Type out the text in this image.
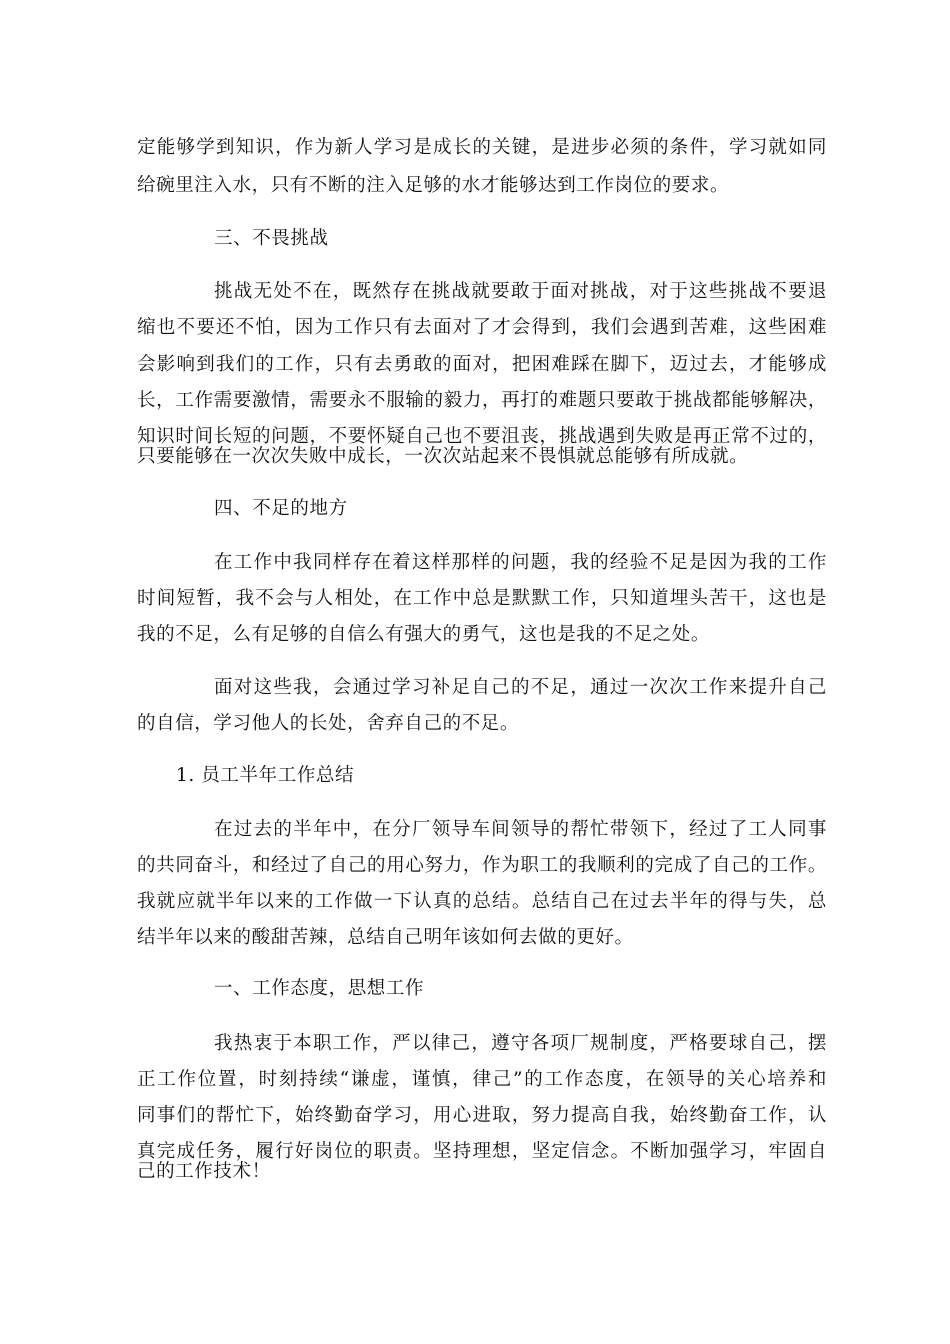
定能够学到知识，作为新人学习是成长的关键，是进步必须的条件，学习就如同
给碗里注入水，只有不断的注入足够的水才能够达到工作岗位的要求。
三、不畏挑战
挑战无处不在，既然存在挑战就要敢于面对挑战，对于这些挑战不要退
缩也不要还不怕，因为工作只有去面对了才会得到，我们会遇到苦难，这些困难
会影响到我们的工作，只有去勇敢的面对，把困难踩在脚下，迈过去，才能够成
长，工作需要激情，需要永不服输的毅力，再打的难题只要敢于挑战都能够解决，
知识时间长短的问题，不要怀疑自己也不要沮丧，挑战遇到失败是再正常不过的，
只要能够在一次次失败中成长，一次次站起来不畏惧就总能够有所成就。
四、不足的地方
在工作中我同样存在着这样那样的问题，我的经验不足是因为我的工作
时间短暂，我不会与人相处，在工作中总是默默工作，只知道埋头苦干，这也是
我的不足，么有足够的自信么有强大的勇气，这也是我的不足之处。
面对这些我，会通过学习补足自己的不足，通过一次次工作来提升自己
的自信，学习他人的长处，舍弃自己的不足。
1. 员工半年工作总结
在过去的半年中，在分厂领导车间领导的帮忙带领下，经过了工人同事
的共同奋斗，和经过了自己的用心努力，作为职工的我顺利的完成了自己的工作。
我就应就半年以来的工作做一下认真的总结。总结自己在过去半年的得与失，总
结半年以来的酸甜苦辣，总结自己明年该如何去做的更好。
一、工作态度，思想工作
我热衷于本职工作，严以律己，遵守各项厂规制度，严格要球自己，摆
正工作位置，时刻持续“谦虚，谨慎，律己”的工作态度，在领导的关心培养和
同事们的帮忙下，始终勤奋学习，用心进取，努力提高自我，始终勤奋工作，认
真完成任务，履行好岗位的职责。坚持理想，坚定信念。不断加强学习，牢固自
己的工作技术！
